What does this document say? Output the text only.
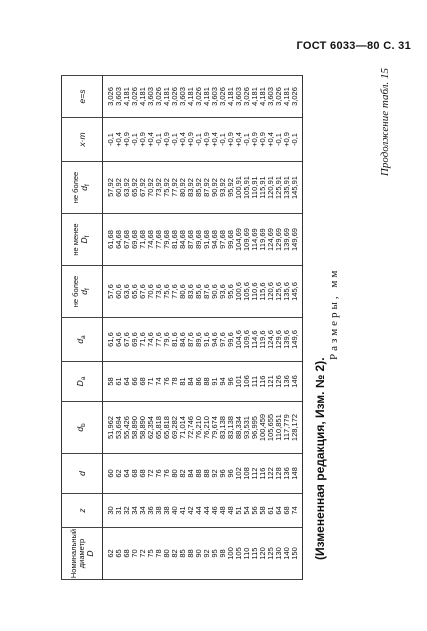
ГОСТ 6033—80 С. 31
Размеры, мм
Продолжение табл. 15
Номинальный диаметр D	z	d	$d_b$	$D_a$	$d_a$	не более $d_f$	не менее $D_f$	не более $d_f$	x·m	e=s
62	30	60	51,962	58	61,6	57,6	61,68	57,92	-0,1	3,026
65	31	62	53,694	61	64,6	60,6	64,68	60,92	+0,4	3,603
68	32	64	55,426	64	67,6	63,6	67,68	63,92	+0,9	4,181
70	34	68	58,890	66	69,6	65,6	69,68	65,92	-0,1	3,026
72	34	68	58,890	68	71,6	67,6	71,68	67,92	+0,9	4,181
75	36	72	62,354	71	74,6	70,6	74,68	70,92	+0,4	3,603
78	38	76	65,818	74	77,6	73,6	77,68	73,92	-0,1	3,026
80	38	76	65,818	76	79,6	75,6	79,68	75,92	+0,9	4,181
82	40	80	69,282	78	81,6	77,6	81,68	77,92	-0,1	3,026
85	41	82	71,014	81	84,6	80,6	84,68	80,92	+0,4	3,603
88	42	84	72,746	84	87,6	83,6	87,68	83,92	+0,9	4,181
90	44	88	76,210	86	89,6	85,6	89,68	85,92	-0,1	3,026
92	44	88	76,210	88	91,6	87,6	91,68	87,92	+0,9	4,181
95	46	92	79,674	91	94,6	90,6	94,68	90,92	+0,4	3,603
98	48	96	83,138	94	97,6	93,6	97,68	93,92	-0,1	3,026
100	48	96	83,138	96	99,6	95,6	99,68	95,92	+0,9	4,181
105	51	102	88,334	101	104,6	100,6	104,69	100,91	+0,4	3,603
110	54	108	93,531	106	109,6	105,6	109,69	105,91	-0,1	3,026
115	56	112	96,995	111	114,6	110,6	114,69	110,91	+0,9	4,181
120	58	116	100,459	116	119,6	115,6	119,69	115,91	+0,9	4,181
125	61	122	105,655	121	124,6	120,6	124,69	120,91	+0,4	3,603
130	64	128	110,851	126	129,6	125,6	129,69	125,91	-0,1	3,026
140	68	136	117,779	136	139,6	135,6	139,69	135,91	+0,9	4,181
150	74	148	128,172	146	149,6	145,6	149,69	145,91	-0,1	3,026
(Измененная редакция, Изм. № 2).
